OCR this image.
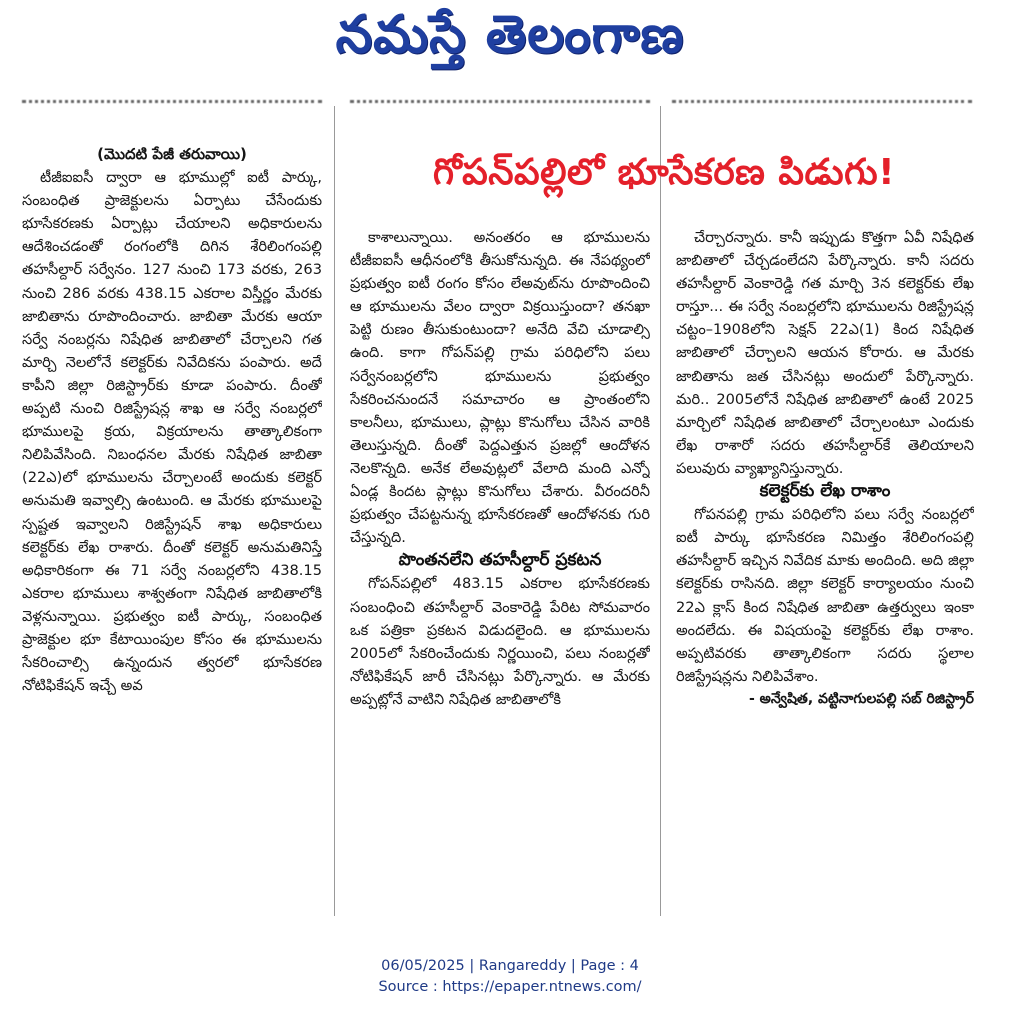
నమస్తే తెలంగాణ

(మొదటి పేజీ తరువాయి)

టీజీఐఐసీ ద్వారా ఆ భూముల్లో ఐటీ పార్కు, సంబంధిత ప్రాజెక్టులను ఏర్పాటు చేసేందుకు భూసేకరణకు ఏర్పాట్లు చేయాలని అధికారులను ఆదేశించడంతో రంగంలోకి దిగిన శేరిలింగంపల్లి తహసీల్దార్ సర్వేనం. 127 నుంచి 173 వరకు, 263 నుంచి 286 వరకు 438.15 ఎకరాల విస్తీర్ణం మేరకు జాబితాను రూపొందించారు. జాబితా మేరకు ఆయా సర్వే నంబర్లను నిషేధిత జాబితాలో చేర్చాలని గత మార్చి నెలలోనే కలెక్టర్‌కు నివేదికను పంపారు. అదే కాపీని జిల్లా రిజిస్ట్రార్‌కు కూడా పంపారు. దీంతో అప్పటి నుంచి రిజిస్ట్రేషన్ల శాఖ ఆ సర్వే నంబర్లలో భూములపై క్రయ, విక్రయాలను తాత్కాలికంగా నిలిపివేసింది. నిబంధనల మేరకు నిషేధిత జాబితా (22ఎ)లో భూములను చేర్చాలంటే అందుకు కలెక్టర్ అనుమతి ఇవ్వాల్సి ఉంటుంది. ఆ మేరకు భూములపై స్పష్టత ఇవ్వాలని రిజిస్ట్రేషన్ శాఖ అధికారులు కలెక్టర్‌కు లేఖ రాశారు. దీంతో కలెక్టర్ అనుమతినిస్తే అధికారికంగా ఈ 71 సర్వే నంబర్లలోని 438.15 ఎకరాల భూములు శాశ్వతంగా నిషేధిత జాబితాలోకి వెళ్లనున్నాయి. ప్రభుత్వం ఐటీ పార్కు, సంబంధిత ప్రాజెక్టుల భూ కేటాయింపుల కోసం ఈ భూములను సేకరించాల్సి ఉన్నందున త్వరలో భూసేకరణ నోటిఫికేషన్ ఇచ్చే అవ

గోపన్‌పల్లిలో భూసేకరణ పిడుగు!

కాశాలున్నాయి. అనంతరం ఆ భూములను టీజీఐఐసీ ఆధీనంలోకి తీసుకోనున్నది. ఈ నేపథ్యంలో ప్రభుత్వం ఐటీ రంగం కోసం లేఅవుట్‌ను రూపొందించి ఆ భూములను వేలం ద్వారా విక్రయిస్తుందా? తనఖా పెట్టి రుణం తీసుకుంటుందా? అనేది వేచి చూడాల్సి ఉంది. కాగా గోపన్‌పల్లి గ్రామ పరిధిలోని పలు సర్వేనంబర్లలోని భూములను ప్రభుత్వం సేకరించనుందనే సమాచారం ఆ ప్రాంతంలోని కాలనీలు, భూములు, ప్లాట్లు కొనుగోలు చేసిన వారికి తెలుస్తున్నది. దీంతో పెద్దఎత్తున ప్రజల్లో ఆందోళన నెలకొన్నది. అనేక లేఅవుట్లలో వేలాది మంది ఎన్నో ఏండ్ల కిందట ప్లాట్లు కొనుగోలు చేశారు. వీరందరినీ ప్రభుత్వం చేపట్టనున్న భూసేకరణతో ఆందోళనకు గురి చేస్తున్నది.

పొంతనలేని తహసీల్దార్ ప్రకటన

గోపన్‌పల్లిలో 483.15 ఎకరాల భూసేకరణకు సంబంధించి తహసీల్దార్ వెంకారెడ్డి పేరిట సోమవారం ఒక పత్రికా ప్రకటన విడుదలైంది. ఆ భూములను 2005లో సేకరించేందుకు నిర్ణయించి, పలు నంబర్లతో నోటిఫికేషన్ జారీ చేసినట్లు పేర్కొన్నారు. ఆ మేరకు అప్పట్లోనే వాటిని నిషేధిత జాబితాలోకి

చేర్చారన్నారు. కానీ ఇప్పుడు కొత్తగా ఏవీ నిషేధిత జాబితాలో చేర్చడంలేదని పేర్కొన్నారు. కానీ సదరు తహసీల్దార్ వెంకారెడ్డి గత మార్చి 3న కలెక్టర్‌కు లేఖ రాస్తూ... ఈ సర్వే నంబర్లలోని భూములను రిజిస్ట్రేషన్ల చట్టం–1908లోని సెక్షన్ 22ఎ(1) కింద నిషేధిత జాబితాలో చేర్చాలని ఆయన కోరారు. ఆ మేరకు జాబితాను జత చేసినట్లు అందులో పేర్కొన్నారు. మరి.. 2005లోనే నిషేధిత జాబితాలో ఉంటే 2025 మార్చిలో నిషేధిత జాబితాలో చేర్చాలంటూ ఎందుకు లేఖ రాశారో సదరు తహసీల్దార్‌కే తెలియాలని పలువురు వ్యాఖ్యానిస్తున్నారు.

కలెక్టర్‌కు లేఖ రాశాం

గోపనపల్లి గ్రామ పరిధిలోని పలు సర్వే నంబర్లలో ఐటీ పార్కు భూసేకరణ నిమిత్తం శేరిలింగంపల్లి తహసీల్దార్ ఇచ్చిన నివేదిక మాకు అందింది. అది జిల్లా కలెక్టర్‌కు రాసినది. జిల్లా కలెక్టర్ కార్యాలయం నుంచి 22ఎ క్లాస్ కింద నిషేధిత జాబితా ఉత్తర్వులు ఇంకా అందలేదు. ఈ విషయంపై కలెక్టర్‌కు లేఖ రాశాం. అప్పటివరకు తాత్కాలికంగా సదరు స్థలాల రిజిస్ట్రేషన్లను నిలిపివేశాం.

- అన్వేషిత, వట్టినాగులపల్లి సబ్ రిజిస్ట్రార్

06/05/2025 | Rangareddy | Page : 4
Source : https://epaper.ntnews.com/
